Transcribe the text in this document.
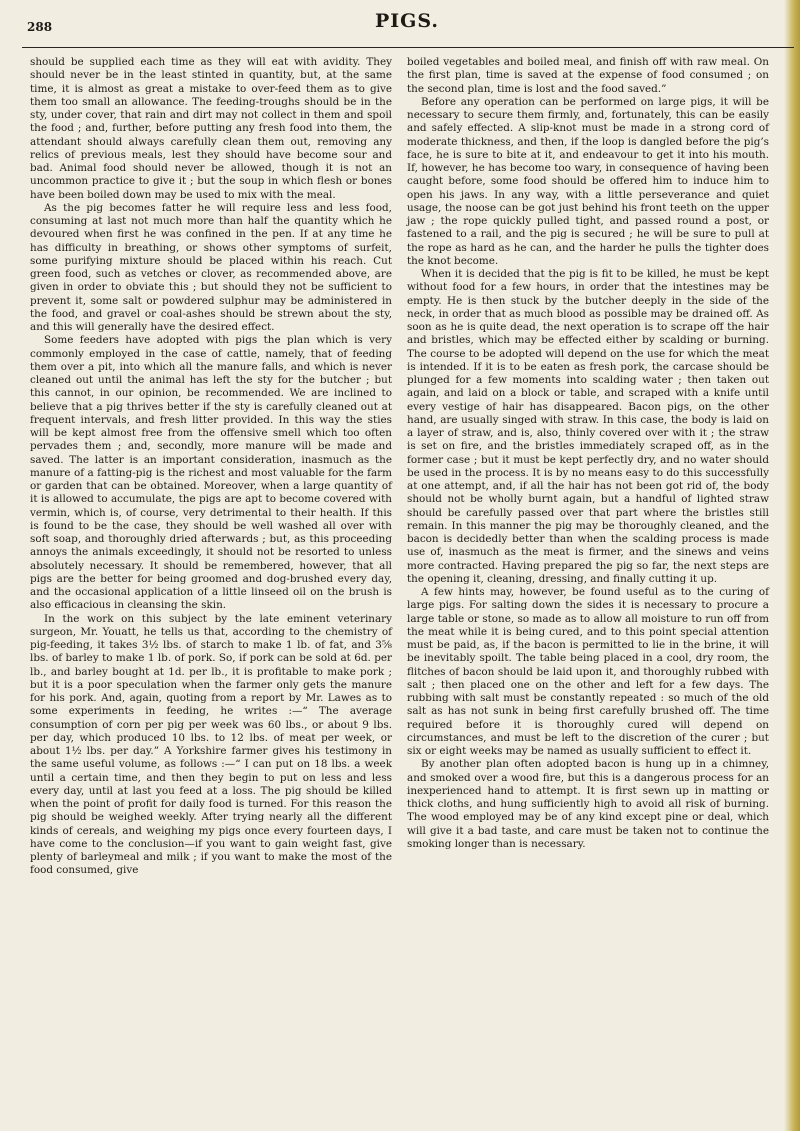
288	PIGS.

should be supplied each time as they will eat with avidity. They should never be in the least stinted in quantity, but, at the same time, it is almost as great a mistake to over-feed them as to give them too small an allowance. The feeding-troughs should be in the sty, under cover, that rain and dirt may not collect in them and spoil the food ; and, further, before putting any fresh food into them, the attendant should always carefully clean them out, removing any relics of previous meals, lest they should have become sour and bad. Animal food should never be allowed, though it is not an uncommon practice to give it ; but the soup in which flesh or bones have been boiled down may be used to mix with the meal.

As the pig becomes fatter he will require less and less food, consuming at last not much more than half the quantity which he devoured when first he was confined in the pen. If at any time he has difficulty in breathing, or shows other symptoms of surfeit, some purifying mixture should be placed within his reach. Cut green food, such as vetches or clover, as recommended above, are given in order to obviate this ; but should they not be sufficient to prevent it, some salt or powdered sulphur may be administered in the food, and gravel or coal-ashes should be strewn about the sty, and this will generally have the desired effect.

Some feeders have adopted with pigs the plan which is very commonly employed in the case of cattle, namely, that of feeding them over a pit, into which all the manure falls, and which is never cleaned out until the animal has left the sty for the butcher ; but this cannot, in our opinion, be recommended. We are inclined to believe that a pig thrives better if the sty is carefully cleaned out at frequent intervals, and fresh litter provided. In this way the sties will be kept almost free from the offensive smell which too often pervades them ; and, secondly, more manure will be made and saved. The latter is an important consideration, inasmuch as the manure of a fatting-pig is the richest and most valuable for the farm or garden that can be obtained. Moreover, when a large quantity of it is allowed to accumulate, the pigs are apt to become covered with vermin, which is, of course, very detrimental to their health. If this is found to be the case, they should be well washed all over with soft soap, and thoroughly dried afterwards ; but, as this proceeding annoys the animals exceedingly, it should not be resorted to unless absolutely necessary. It should be remembered, however, that all pigs are the better for being groomed and dog-brushed every day, and the occasional application of a little linseed oil on the brush is also efficacious in cleansing the skin.

In the work on this subject by the late eminent veterinary surgeon, Mr. Youatt, he tells us that, according to the chemistry of pig-feeding, it takes 3½ lbs. of starch to make 1 lb. of fat, and 3⅝ lbs. of barley to make 1 lb. of pork. So, if pork can be sold at 6d. per lb., and barley bought at 1d. per lb., it is profitable to make pork ; but it is a poor speculation when the farmer only gets the manure for his pork. And, again, quoting from a report by Mr. Lawes as to some experiments in feeding, he writes :—“ The average consumption of corn per pig per week was 60 lbs., or about 9 lbs. per day, which produced 10 lbs. to 12 lbs. of meat per week, or about 1½ lbs. per day.” A Yorkshire farmer gives his testimony in the same useful volume, as follows :—“ I can put on 18 lbs. a week until a certain time, and then they begin to put on less and less every day, until at last you feed at a loss. The pig should be killed when the point of profit for daily food is turned. For this reason the pig should be weighed weekly. After trying nearly all the different kinds of cereals, and weighing my pigs once every fourteen days, I have come to the conclusion—if you want to gain weight fast, give plenty of barleymeal and milk ; if you want to make the most of the food consumed, give

boiled vegetables and boiled meal, and finish off with raw meal. On the first plan, time is saved at the expense of food consumed ; on the second plan, time is lost and the food saved.”

Before any operation can be performed on large pigs, it will be necessary to secure them firmly, and, fortunately, this can be easily and safely effected. A slip-knot must be made in a strong cord of moderate thickness, and then, if the loop is dangled before the pig’s face, he is sure to bite at it, and endeavour to get it into his mouth. If, however, he has become too wary, in consequence of having been caught before, some food should be offered him to induce him to open his jaws. In any way, with a little perseverance and quiet usage, the noose can be got just behind his front teeth on the upper jaw ; the rope quickly pulled tight, and passed round a post, or fastened to a rail, and the pig is secured ; he will be sure to pull at the rope as hard as he can, and the harder he pulls the tighter does the knot become.

When it is decided that the pig is fit to be killed, he must be kept without food for a few hours, in order that the intestines may be empty. He is then stuck by the butcher deeply in the side of the neck, in order that as much blood as possible may be drained off. As soon as he is quite dead, the next operation is to scrape off the hair and bristles, which may be effected either by scalding or burning. The course to be adopted will depend on the use for which the meat is intended. If it is to be eaten as fresh pork, the carcase should be plunged for a few moments into scalding water ; then taken out again, and laid on a block or table, and scraped with a knife until every vestige of hair has disappeared. Bacon pigs, on the other hand, are usually singed with straw. In this case, the body is laid on a layer of straw, and is, also, thinly covered over with it ; the straw is set on fire, and the bristles immediately scraped off, as in the former case ; but it must be kept perfectly dry, and no water should be used in the process. It is by no means easy to do this successfully at one attempt, and, if all the hair has not been got rid of, the body should not be wholly burnt again, but a handful of lighted straw should be carefully passed over that part where the bristles still remain. In this manner the pig may be thoroughly cleaned, and the bacon is decidedly better than when the scalding process is made use of, inasmuch as the meat is firmer, and the sinews and veins more contracted. Having prepared the pig so far, the next steps are the opening it, cleaning, dressing, and finally cutting it up.

A few hints may, however, be found useful as to the curing of large pigs. For salting down the sides it is necessary to procure a large table or stone, so made as to allow all moisture to run off from the meat while it is being cured, and to this point special attention must be paid, as, if the bacon is permitted to lie in the brine, it will be inevitably spoilt. The table being placed in a cool, dry room, the flitches of bacon should be laid upon it, and thoroughly rubbed with salt ; then placed one on the other and left for a few days. The rubbing with salt must be constantly repeated : so much of the old salt as has not sunk in being first carefully brushed off. The time required before it is thoroughly cured will depend on circumstances, and must be left to the discretion of the curer ; but six or eight weeks may be named as usually sufficient to effect it.

By another plan often adopted bacon is hung up in a chimney, and smoked over a wood fire, but this is a dangerous process for an inexperienced hand to attempt. It is first sewn up in matting or thick cloths, and hung sufficiently high to avoid all risk of burning. The wood employed may be of any kind except pine or deal, which will give it a bad taste, and care must be taken not to continue the smoking longer than is necessary.
